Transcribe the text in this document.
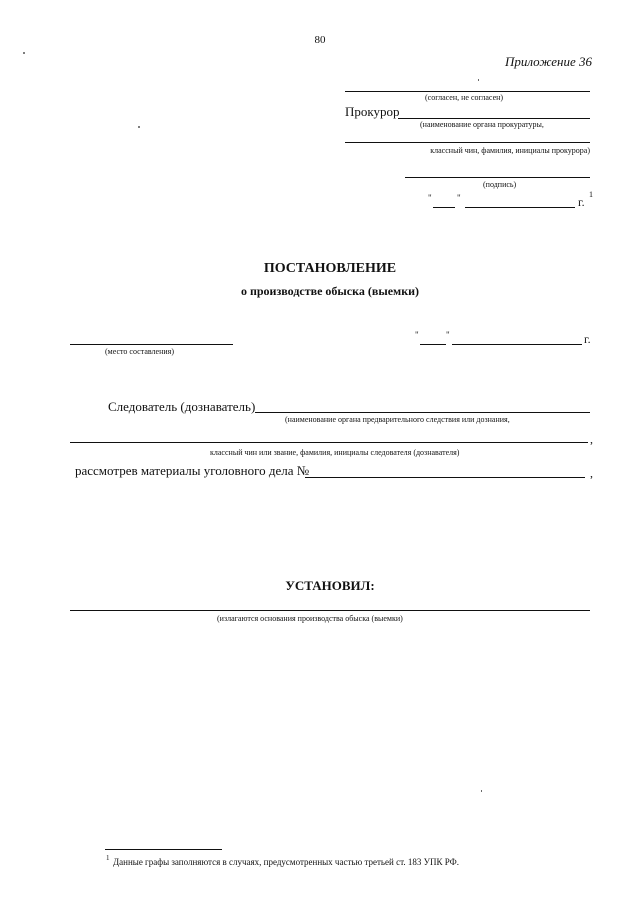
80
Приложение 36
(согласен, не согласен)
Прокурор
(наименование органа прокуратуры,
классный чин, фамилия, инициалы прокурора)
(подпись)
"	"	г.
1
ПОСТАНОВЛЕНИЕ
о производстве обыска (выемки)
(место составления)
"	"	г.
Следователь (дознаватель)
(наименование органа предварительного следствия или дознания,
,
классный чин или звание, фамилия, инициалы следователя (дознавателя)
рассмотрев материалы уголовного дела №	,
УСТАНОВИЛ:
(излагаются основания производства обыска (выемки)
1 Данные графы заполняются в случаях, предусмотренных частью третьей ст. 183 УПК РФ.
